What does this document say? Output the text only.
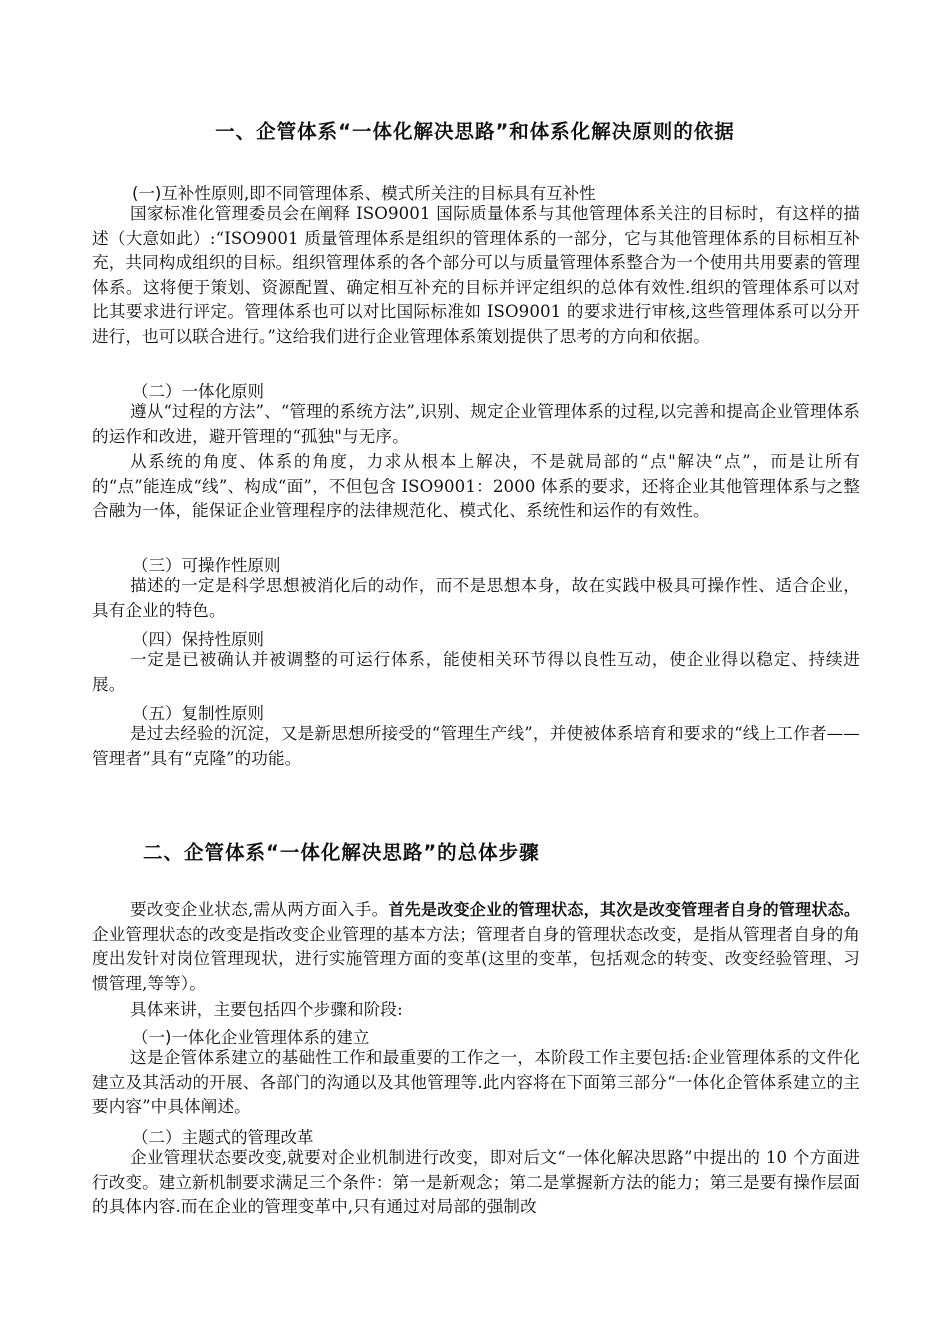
一、企管体系“一体化解决思路”和体系化解决原则的依据
(一)互补性原则,即不同管理体系、模式所关注的目标具有互补性
国家标准化管理委员会在阐释 ISO9001 国际质量体系与其他管理体系关注的目标时，有这样的描述（大意如此）:“ISO9001 质量管理体系是组织的管理体系的一部分，它与其他管理体系的目标相互补充，共同构成组织的目标。组织管理体系的各个部分可以与质量管理体系整合为一个使用共用要素的管理体系。这将便于策划、资源配置、确定相互补充的目标并评定组织的总体有效性.组织的管理体系可以对比其要求进行评定。管理体系也可以对比国际标准如 ISO9001 的要求进行审核,这些管理体系可以分开进行，也可以联合进行。”这给我们进行企业管理体系策划提供了思考的方向和依据。
（二）一体化原则
遵从“过程的方法”、“管理的系统方法”,识别、规定企业管理体系的过程,以完善和提高企业管理体系的运作和改进，避开管理的“孤独"与无序。
从系统的角度、体系的角度，力求从根本上解决，不是就局部的“点"解决“点”，而是让所有的“点”能连成“线”、构成“面”，不但包含 ISO9001：2000 体系的要求，还将企业其他管理体系与之整合融为一体，能保证企业管理程序的法律规范化、模式化、系统性和运作的有效性。
（三）可操作性原则
描述的一定是科学思想被消化后的动作，而不是思想本身，故在实践中极具可操作性、适合企业，具有企业的特色。
（四）保持性原则
一定是已被确认并被调整的可运行体系，能使相关环节得以良性互动，使企业得以稳定、持续进展。
（五）复制性原则
是过去经验的沉淀，又是新思想所接受的“管理生产线”，并使被体系培育和要求的“线上工作者——管理者”具有“克隆”的功能。
二、企管体系“一体化解决思路”的总体步骤
要改变企业状态,需从两方面入手。首先是改变企业的管理状态，其次是改变管理者自身的管理状态。企业管理状态的改变是指改变企业管理的基本方法；管理者自身的管理状态改变，是指从管理者自身的角度出发针对岗位管理现状，进行实施管理方面的变革(这里的变革，包括观念的转变、改变经验管理、习惯管理,等等）。
具体来讲，主要包括四个步骤和阶段:
（一)一体化企业管理体系的建立
这是企管体系建立的基础性工作和最重要的工作之一，本阶段工作主要包括:企业管理体系的文件化建立及其活动的开展、各部门的沟通以及其他管理等.此内容将在下面第三部分“一体化企管体系建立的主要内容”中具体阐述。
（二）主题式的管理改革
企业管理状态要改变,就要对企业机制进行改变，即对后文“一体化解决思路”中提出的 10 个方面进行改变。建立新机制要求满足三个条件：第一是新观念；第二是掌握新方法的能力；第三是要有操作层面的具体内容.而在企业的管理变革中,只有通过对局部的强制改
